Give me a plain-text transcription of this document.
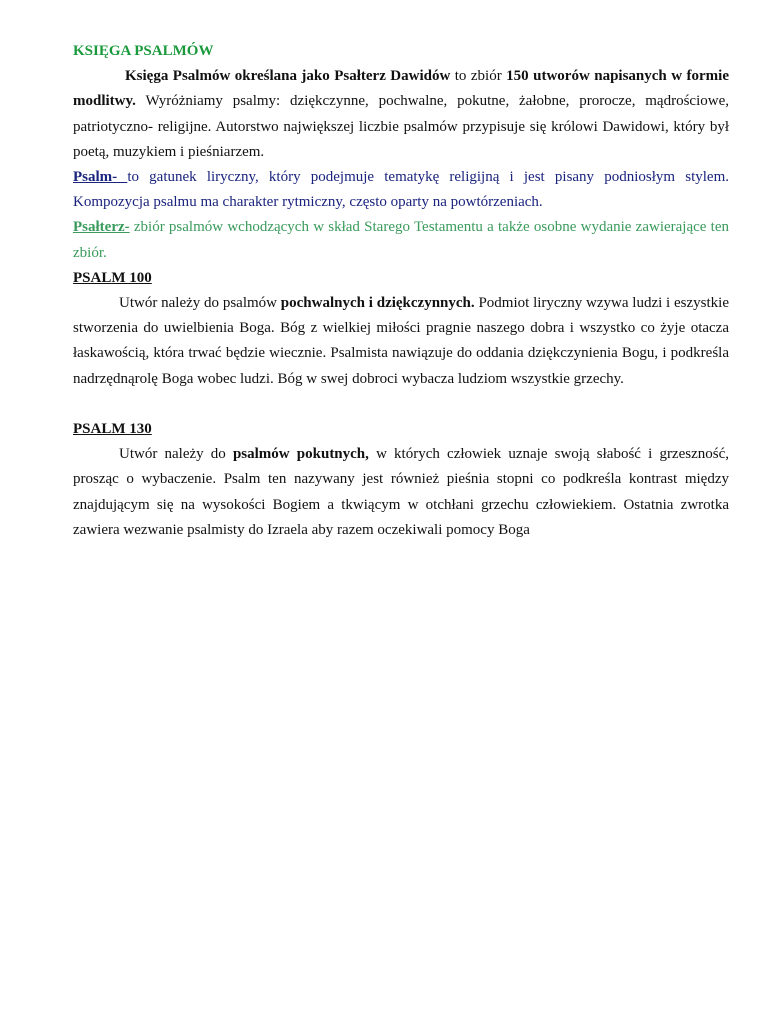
KSIĘGA PSALMÓW

Księga Psalmów określana jako Psałterz Dawidów to zbiór 150 utworów napisanych w formie modlitwy. Wyróżniamy psalmy: dziękczynne, pochwalne, pokutne, żałobne, prorocze, mądrościowe, patriotyczno- religijne. Autorstwo największej liczbie psalmów przypisuje się królowi Dawidowi, który był poetą, muzykiem i pieśniarzem.

Psalm- to gatunek liryczny, który podejmuje tematykę religijną i jest pisany podniosłym stylem. Kompozycja psalmu ma charakter rytmiczny, często oparty na powtórzeniach.

Psałterz- zbiór psalmów wchodzących w skład Starego Testamentu a także osobne wydanie zawierające ten zbiór.

PSALM 100

Utwór należy do psalmów pochwalnych i dziękczynnych. Podmiot liryczny wzywa ludzi i eszystkie stworzenia do uwielbienia Boga. Bóg z wielkiej miłości pragnie naszego dobra i wszystko co żyje otacza łaskawością, która trwać będzie wiecznie. Psalmista nawiązuje do oddania dziękczynienia Bogu, i podkreśla nadrzędnąrolę Boga wobec ludzi. Bóg w swej dobroci wybacza ludziom wszystkie grzechy.

PSALM 130

Utwór należy do psalmów pokutnych, w których człowiek uznaje swoją słabość i grzeszność, prosząc o wybaczenie. Psalm ten nazywany jest również pieśnia stopni co podkreśla kontrast między znajdującym się na wysokości Bogiem a tkwiącym w otchłani grzechu człowiekiem. Ostatnia zwrotka zawiera wezwanie psalmisty do Izraela aby razem oczekiwali pomocy Boga
